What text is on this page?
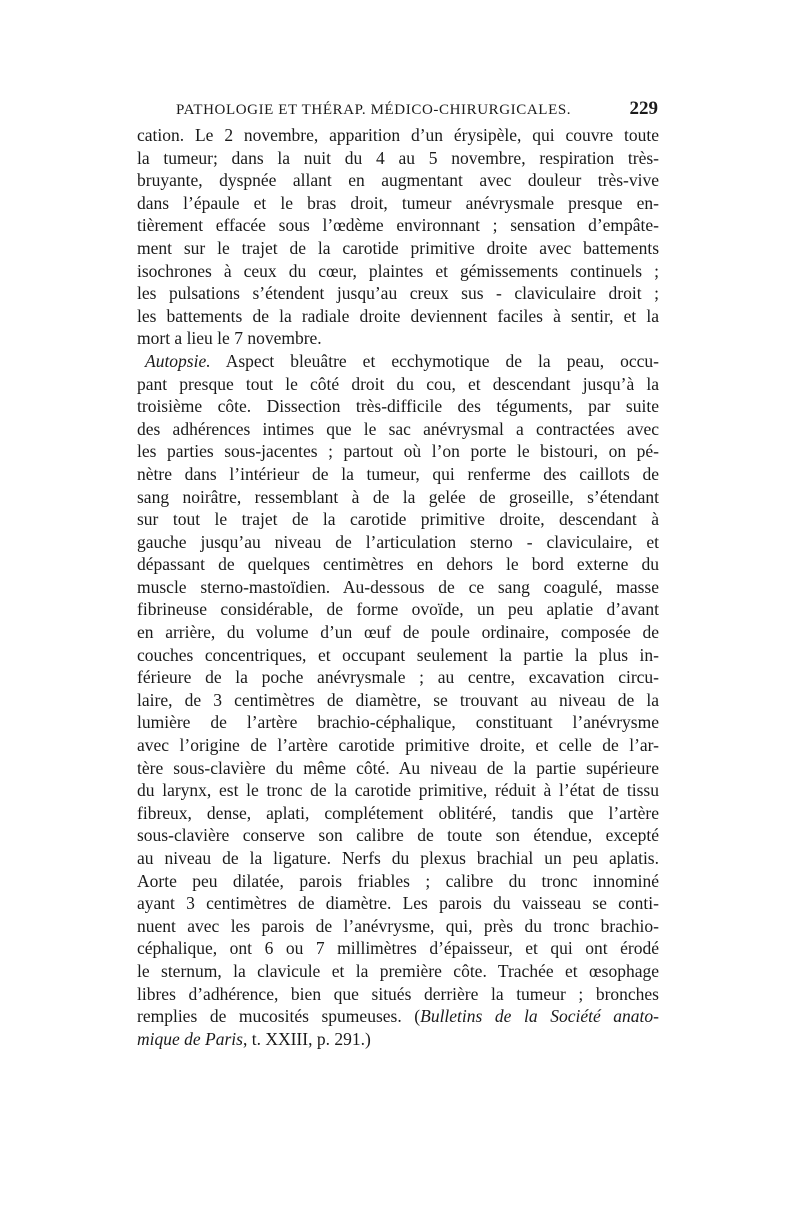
PATHOLOGIE ET THÉRAP. MÉDICO-CHIRURGICALES.	229
cation. Le 2 novembre, apparition d’un érysipèle, qui couvre toute
la tumeur; dans la nuit du 4 au 5 novembre, respiration très-
bruyante, dyspnée allant en augmentant avec douleur très-vive
dans l’épaule et le bras droit, tumeur anévrysmale presque en-
tièrement effacée sous l’œdème environnant ; sensation d’empâte-
ment sur le trajet de la carotide primitive droite avec battements
isochrones à ceux du cœur, plaintes et gémissements continuels ;
les pulsations s’étendent jusqu’au creux sus - claviculaire droit ;
les battements de la radiale droite deviennent faciles à sentir, et la
mort a lieu le 7 novembre.
Autopsie. Aspect bleuâtre et ecchymotique de la peau, occu-
pant presque tout le côté droit du cou, et descendant jusqu’à la
troisième côte. Dissection très-difficile des téguments, par suite
des adhérences intimes que le sac anévrysmal a contractées avec
les parties sous-jacentes ; partout où l’on porte le bistouri, on pé-
nètre dans l’intérieur de la tumeur, qui renferme des caillots de
sang noirâtre, ressemblant à de la gelée de groseille, s’étendant
sur tout le trajet de la carotide primitive droite, descendant à
gauche jusqu’au niveau de l’articulation sterno - claviculaire, et
dépassant de quelques centimètres en dehors le bord externe du
muscle sterno-mastoïdien. Au-dessous de ce sang coagulé, masse
fibrineuse considérable, de forme ovoïde, un peu aplatie d’avant
en arrière, du volume d’un œuf de poule ordinaire, composée de
couches concentriques, et occupant seulement la partie la plus in-
férieure de la poche anévrysmale ; au centre, excavation circu-
laire, de 3 centimètres de diamètre, se trouvant au niveau de la
lumière de l’artère brachio-céphalique, constituant l’anévrysme
avec l’origine de l’artère carotide primitive droite, et celle de l’ar-
tère sous-clavière du même côté. Au niveau de la partie supérieure
du larynx, est le tronc de la carotide primitive, réduit à l’état de tissu
fibreux, dense, aplati, complétement oblitéré, tandis que l’artère
sous-clavière conserve son calibre de toute son étendue, excepté
au niveau de la ligature. Nerfs du plexus brachial un peu aplatis.
Aorte peu dilatée, parois friables ; calibre du tronc innominé
ayant 3 centimètres de diamètre. Les parois du vaisseau se conti-
nuent avec les parois de l’anévrysme, qui, près du tronc brachio-
céphalique, ont 6 ou 7 millimètres d’épaisseur, et qui ont érodé
le sternum, la clavicule et la première côte. Trachée et œsophage
libres d’adhérence, bien que situés derrière la tumeur ; bronches
remplies de mucosités spumeuses. (Bulletins de la Société anato-
mique de Paris, t. XXIII, p. 291.)
